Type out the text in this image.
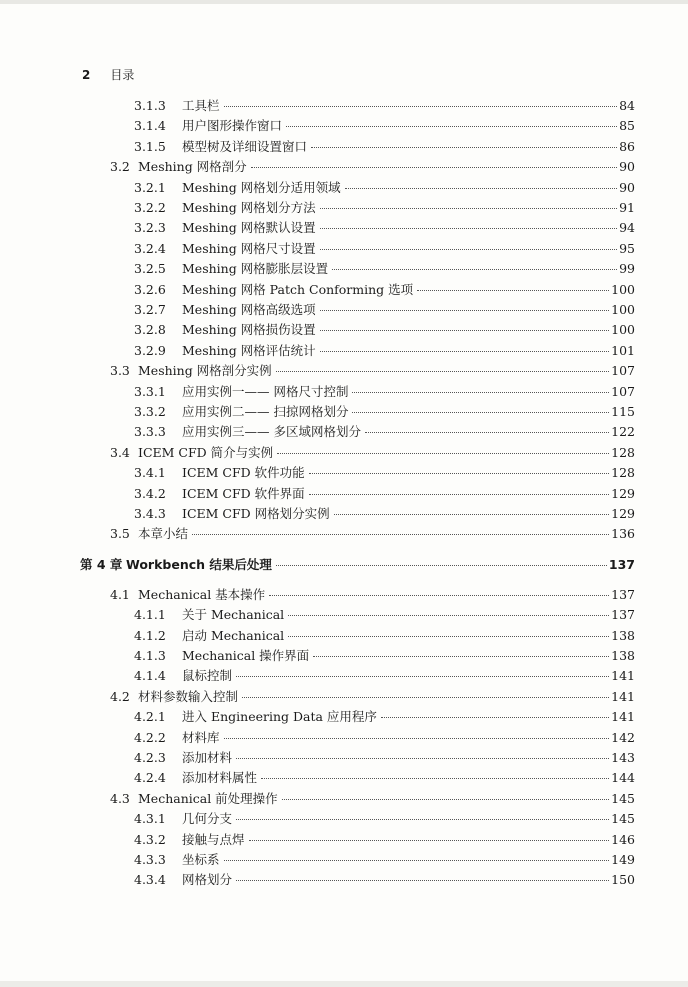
2 目录
3.1.3	工具栏	84
3.1.4	用户图形操作窗口	85
3.1.5	模型树及详细设置窗口	86
3.2 Meshing 网格剖分	90
3.2.1	Meshing 网格划分适用领域	90
3.2.2	Meshing 网格划分方法	91
3.2.3	Meshing 网格默认设置	94
3.2.4	Meshing 网格尺寸设置	95
3.2.5	Meshing 网格膨胀层设置	99
3.2.6	Meshing 网格 Patch Conforming 选项	100
3.2.7	Meshing 网格高级选项	100
3.2.8	Meshing 网格损伤设置	100
3.2.9	Meshing 网格评估统计	101
3.3 Meshing 网格剖分实例	107
3.3.1	应用实例一—— 网格尺寸控制	107
3.3.2	应用实例二—— 扫掠网格划分	115
3.3.3	应用实例三—— 多区域网格划分	122
3.4 ICEM CFD 简介与实例	128
3.4.1	ICEM CFD 软件功能	128
3.4.2	ICEM CFD 软件界面	129
3.4.3	ICEM CFD 网格划分实例	129
3.5 本章小结	136
第 4 章 Workbench 结果后处理	137
4.1 Mechanical 基本操作	137
4.1.1	关于 Mechanical	137
4.1.2	启动 Mechanical	138
4.1.3	Mechanical 操作界面	138
4.1.4	鼠标控制	141
4.2 材料参数输入控制	141
4.2.1	进入 Engineering Data 应用程序	141
4.2.2	材料库	142
4.2.3	添加材料	143
4.2.4	添加材料属性	144
4.3 Mechanical 前处理操作	145
4.3.1	几何分支	145
4.3.2	接触与点焊	146
4.3.3	坐标系	149
4.3.4	网格划分	150
